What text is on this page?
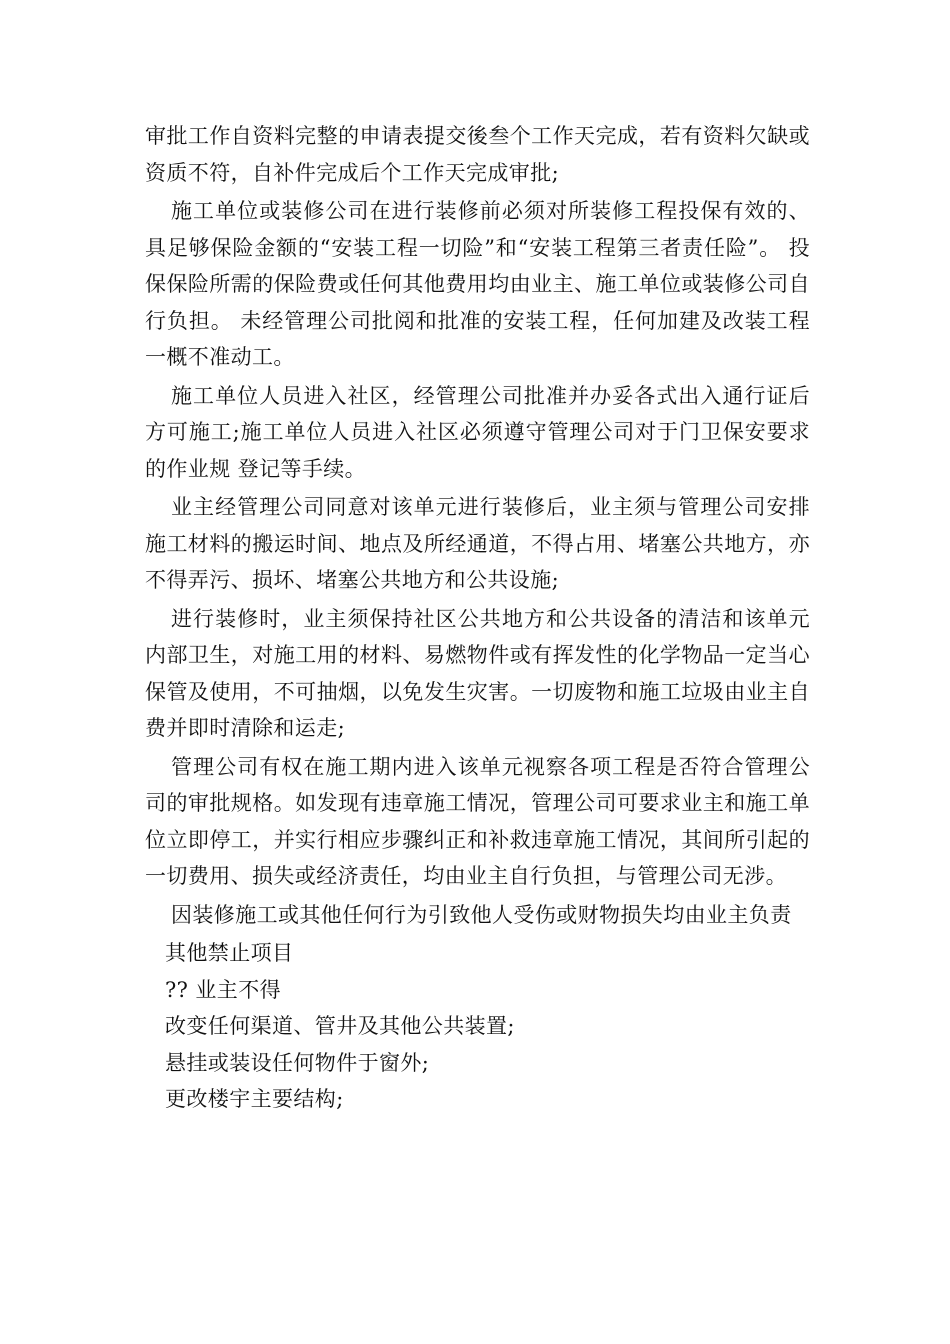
审批工作自资料完整的申请表提交後叁个工作天完成，若有资料欠缺或资质不符，自补件完成后个工作天完成审批;

施工单位或装修公司在进行装修前必须对所装修工程投保有效的、具足够保险金额的“安装工程一切险”和“安装工程第三者责任险”。 投保保险所需的保险费或任何其他费用均由业主、施工单位或装修公司自行负担。 未经管理公司批阅和批准的安装工程，任何加建及改装工程一概不准动工。

施工单位人员进入社区，经管理公司批准并办妥各式出入通行证后方可施工;施工单位人员进入社区必须遵守管理公司对于门卫保安要求的作业规 登记等手续。

业主经管理公司同意对该单元进行装修后，业主须与管理公司安排施工材料的搬运时间、地点及所经通道，不得占用、堵塞公共地方，亦不得弄污、损坏、堵塞公共地方和公共设施;

进行装修时，业主须保持社区公共地方和公共设备的清洁和该单元内部卫生，对施工用的材料、易燃物件或有挥发性的化学物品一定当心保管及使用，不可抽烟，以免发生灾害。一切废物和施工垃圾由业主自费并即时清除和运走;

管理公司有权在施工期内进入该单元视察各项工程是否符合管理公司的审批规格。如发现有违章施工情况，管理公司可要求业主和施工单位立即停工，并实行相应步骤纠正和补救违章施工情况，其间所引起的一切费用、损失或经济责任，均由业主自行负担，与管理公司无涉。

因装修施工或其他任何行为引致他人受伤或财物损失均由业主负责

其他禁止项目
?? 业主不得
改变任何渠道、管井及其他公共装置;
悬挂或装设任何物件于窗外;
更改楼宇主要结构;
